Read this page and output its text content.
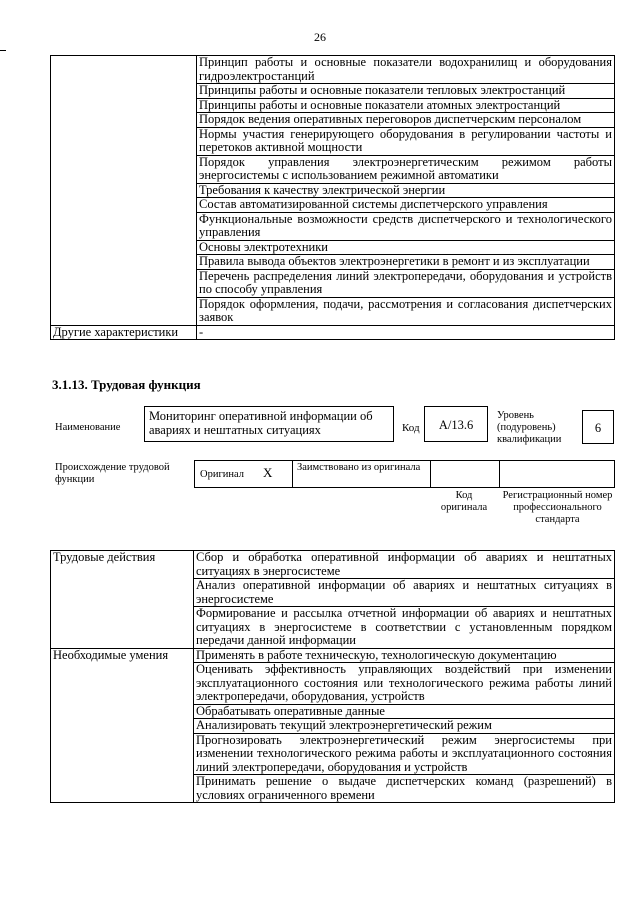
26
	Принцип работы и основные показатели водохранилищ и оборудования гидроэлектростанций
	Принципы работы и основные показатели тепловых электростанций
	Принципы работы и основные показатели атомных электростанций
	Порядок ведения оперативных переговоров диспетчерским персоналом
	Нормы участия генерирующего оборудования в регулировании частоты и перетоков активной мощности
	Порядок управления электроэнергетическим режимом работы энергосистемы с использованием режимной автоматики
	Требования к качеству электрической энергии
	Состав автоматизированной системы диспетчерского управления
	Функциональные возможности средств диспетчерского и технологического управления
	Основы электротехники
	Правила вывода объектов электроэнергетики в ремонт и из эксплуатации
	Перечень распределения линий электропередачи, оборудования и устройств по способу управления
	Порядок оформления, подачи, рассмотрения и согласования диспетчерских заявок
Другие характеристики	-
3.1.13. Трудовая функция
Наименование
Мониторинг оперативной информации об авариях и нештатных ситуациях	Код	A/13.6
Уровень (подуровень) квалификации
6
Происхождение трудовой функции	Оригинал X Заимствовано из оригинала
Код оригинала
Регистрационный номер профессионального стандарта
Трудовые действия	Сбор и обработка оперативной информации об авариях и нештатных ситуациях в энергосистеме
	Анализ оперативной информации об авариях и нештатных ситуациях в энергосистеме
	Формирование и рассылка отчетной информации об авариях и нештатных ситуациях в энергосистеме в соответствии с установленным порядком передачи данной информации
Необходимые умения	Применять в работе техническую, технологическую документацию
	Оценивать эффективность управляющих воздействий при изменении эксплуатационного состояния или технологического режима работы линий электропередачи, оборудования, устройств
	Обрабатывать оперативные данные
	Анализировать текущий электроэнергетический режим
	Прогнозировать электроэнергетический режим энергосистемы при изменении технологического режима работы и эксплуатационного состояния линий электропередачи, оборудования и устройств
	Принимать решение о выдаче диспетчерских команд (разрешений) в условиях ограниченного времени
